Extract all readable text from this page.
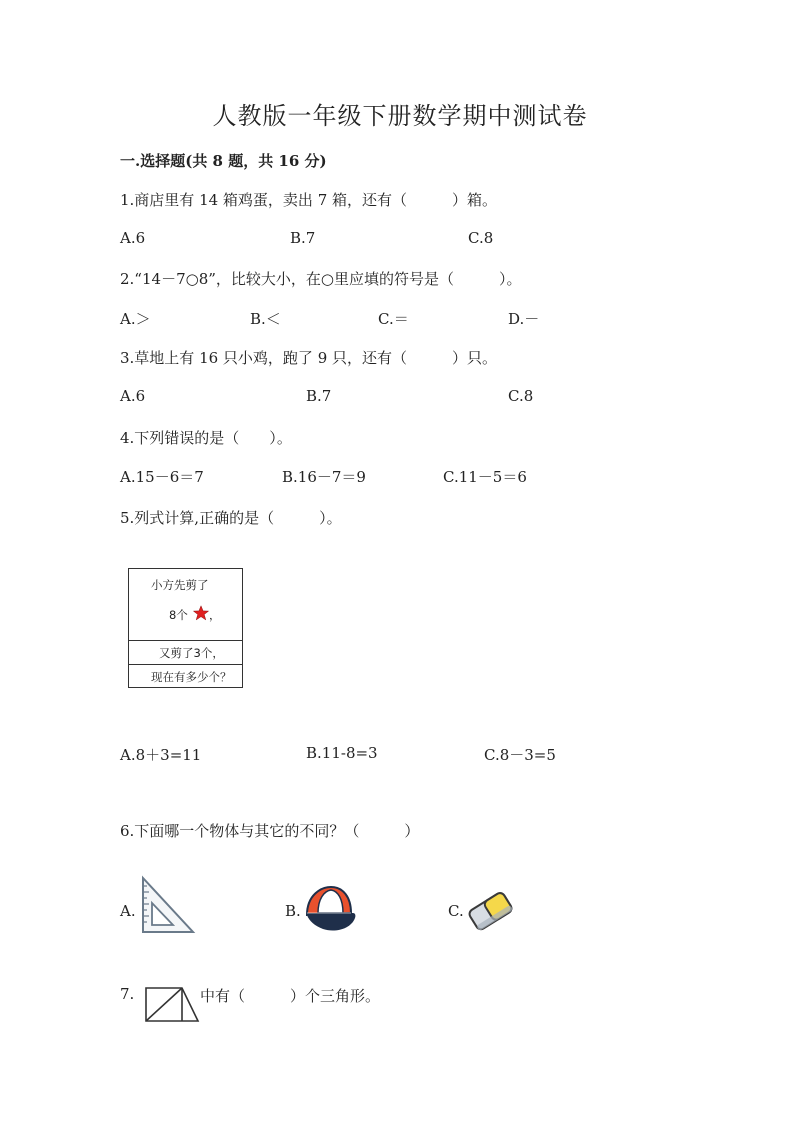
人教版一年级下册数学期中测试卷
一.选择题(共 8 题，共 16 分)
1.商店里有 14 箱鸡蛋，卖出 7 箱，还有（　　　）箱。
A.6	B.7	C.8
2.“14－7○8”，比较大小，在○里应填的符号是（　　　）。
A.＞	B.＜	C.＝	D.－
3.草地上有 16 只小鸡，跑了 9 只，还有（　　　）只。
A.6	B.7	C.8
4.下列错误的是（　　）。
A.15－6＝7	B.16－7＝9	C.11－5＝6
5.列式计算,正确的是（　　　）。
小方先剪了
8个 ，
又剪了3个，
现在有多少个？
A.8＋3=11	B.11-8=3	C.8－3=5
6.下面哪一个物体与其它的不同？（　　　）
A.	B.	C.
7.	中有（　　　）个三角形。
